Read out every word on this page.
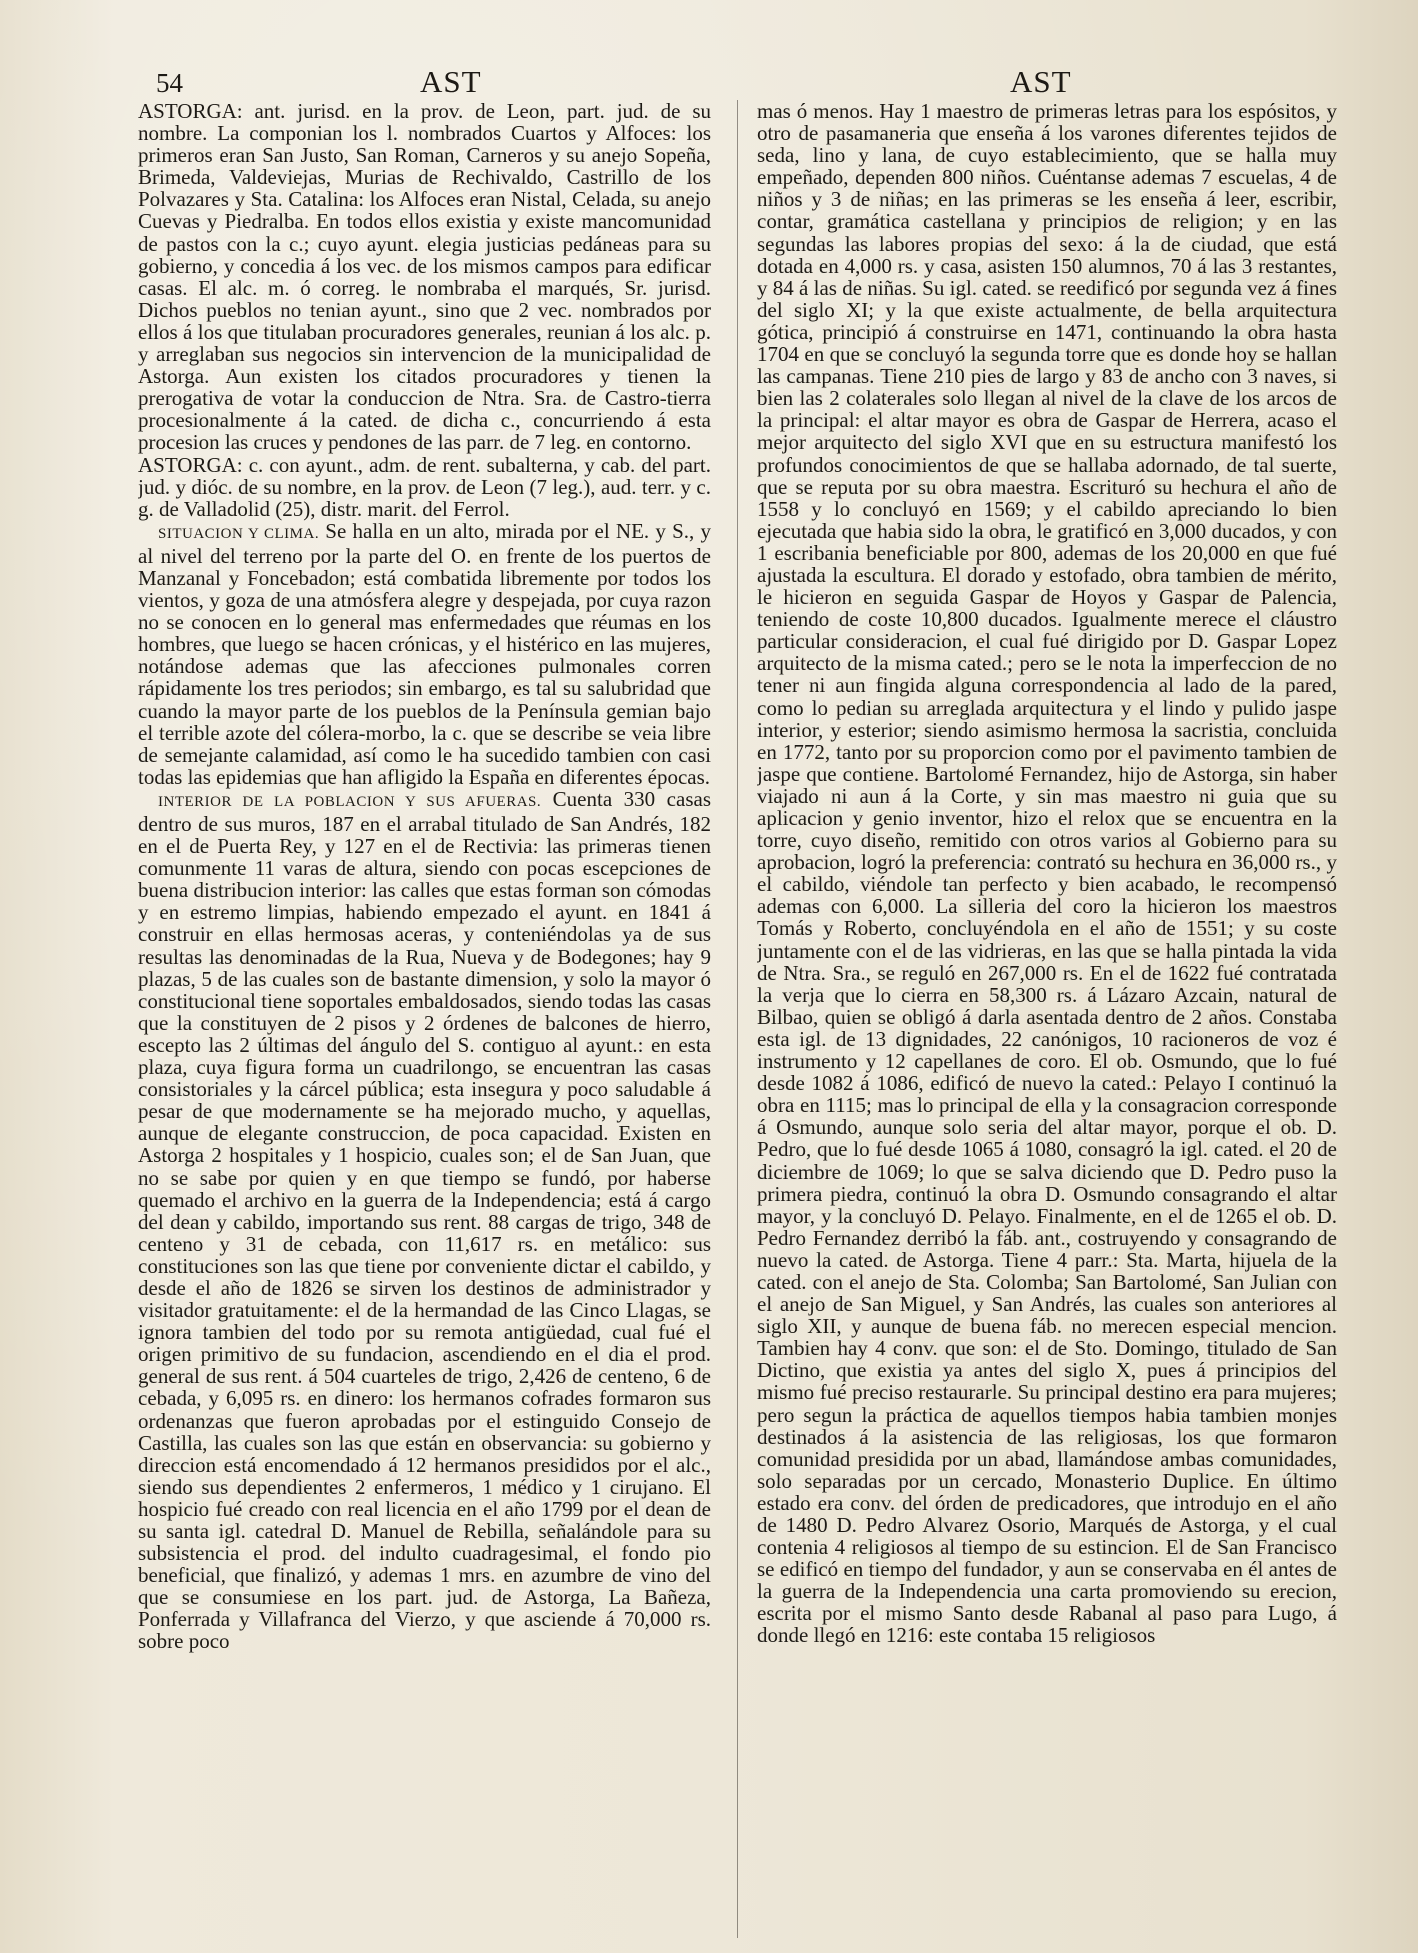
54	AST	AST

ASTORGA: ant. jurisd. en la prov. de Leon, part. jud. de su nombre. La componian los l. nombrados Cuartos y Alfoces: los primeros eran San Justo, San Roman, Carneros y su anejo Sopeña, Brimeda, Valdeviejas, Murias de Rechivaldo, Castrillo de los Polvazares y Sta. Catalina: los Alfoces eran Nistal, Celada, su anejo Cuevas y Piedralba. En todos ellos existia y existe mancomunidad de pastos con la c.; cuyo ayunt. elegia justicias pedáneas para su gobierno, y concedia á los vec. de los mismos campos para edificar casas. El alc. m. ó correg. le nombraba el marqués, Sr. jurisd. Dichos pueblos no tenian ayunt., sino que 2 vec. nombrados por ellos á los que titulaban procuradores generales, reunian á los alc. p. y arreglaban sus negocios sin intervencion de la municipalidad de Astorga. Aun existen los citados procuradores y tienen la prerogativa de votar la conduccion de Ntra. Sra. de Castro-tierra procesionalmente á la cated. de dicha c., concurriendo á esta procesion las cruces y pendones de las parr. de 7 leg. en contorno.

ASTORGA: c. con ayunt., adm. de rent. subalterna, y cab. del part. jud. y dióc. de su nombre, en la prov. de Leon (7 leg.), aud. terr. y c. g. de Valladolid (25), distr. marit. del Ferrol.

SITUACION Y CLIMA. Se halla en un alto, mirada por el NE. y S., y al nivel del terreno por la parte del O. en frente de los puertos de Manzanal y Foncebadon; está combatida libremente por todos los vientos, y goza de una atmósfera alegre y despejada, por cuya razon no se conocen en lo general mas enfermedades que réumas en los hombres, que luego se hacen crónicas, y el histérico en las mujeres, notándose ademas que las afecciones pulmonales corren rápidamente los tres periodos; sin embargo, es tal su salubridad que cuando la mayor parte de los pueblos de la Península gemian bajo el terrible azote del cólera-morbo, la c. que se describe se veia libre de semejante calamidad, así como le ha sucedido tambien con casi todas las epidemias que han afligido la España en diferentes épocas.

INTERIOR DE LA POBLACION Y SUS AFUERAS. Cuenta 330 casas dentro de sus muros, 187 en el arrabal titulado de San Andrés, 182 en el de Puerta Rey, y 127 en el de Rectivia: las primeras tienen comunmente 11 varas de altura, siendo con pocas escepciones de buena distribucion interior: las calles que estas forman son cómodas y en estremo limpias, habiendo empezado el ayunt. en 1841 á construir en ellas hermosas aceras, y conteniéndolas ya de sus resultas las denominadas de la Rua, Nueva y de Bodegones; hay 9 plazas, 5 de las cuales son de bastante dimension, y solo la mayor ó constitucional tiene soportales embaldosados, siendo todas las casas que la constituyen de 2 pisos y 2 órdenes de balcones de hierro, escepto las 2 últimas del ángulo del S. contiguo al ayunt.: en esta plaza, cuya figura forma un cuadrilongo, se encuentran las casas consistoriales y la cárcel pública; esta insegura y poco saludable á pesar de que modernamente se ha mejorado mucho, y aquellas, aunque de elegante construccion, de poca capacidad. Existen en Astorga 2 hospitales y 1 hospicio, cuales son; el de San Juan, que no se sabe por quien y en que tiempo se fundó, por haberse quemado el archivo en la guerra de la Independencia; está á cargo del dean y cabildo, importando sus rent. 88 cargas de trigo, 348 de centeno y 31 de cebada, con 11,617 rs. en metálico: sus constituciones son las que tiene por conveniente dictar el cabildo, y desde el año de 1826 se sirven los destinos de administrador y visitador gratuitamente: el de la hermandad de las Cinco Llagas, se ignora tambien del todo por su remota antigüedad, cual fué el origen primitivo de su fundacion, ascendiendo en el dia el prod. general de sus rent. á 504 cuarteles de trigo, 2,426 de centeno, 6 de cebada, y 6,095 rs. en dinero: los hermanos cofrades formaron sus ordenanzas que fueron aprobadas por el estinguido Consejo de Castilla, las cuales son las que están en observancia: su gobierno y direccion está encomendado á 12 hermanos presididos por el alc., siendo sus dependientes 2 enfermeros, 1 médico y 1 cirujano. El hospicio fué creado con real licencia en el año 1799 por el dean de su santa igl. catedral D. Manuel de Rebilla, señalándole para su subsistencia el prod. del indulto cuadragesimal, el fondo pio beneficial, que finalizó, y ademas 1 mrs. en azumbre de vino del que se consumiese en los part. jud. de Astorga, La Bañeza, Ponferrada y Villafranca del Vierzo, y que asciende á 70,000 rs. sobre poco

mas ó menos. Hay 1 maestro de primeras letras para los espósitos, y otro de pasamaneria que enseña á los varones diferentes tejidos de seda, lino y lana, de cuyo establecimiento, que se halla muy empeñado, dependen 800 niños. Cuéntanse ademas 7 escuelas, 4 de niños y 3 de niñas; en las primeras se les enseña á leer, escribir, contar, gramática castellana y principios de religion; y en las segundas las labores propias del sexo: á la de ciudad, que está dotada en 4,000 rs. y casa, asisten 150 alumnos, 70 á las 3 restantes, y 84 á las de niñas. Su igl. cated. se reedificó por segunda vez á fines del siglo XI; y la que existe actualmente, de bella arquitectura gótica, principió á construirse en 1471, continuando la obra hasta 1704 en que se concluyó la segunda torre que es donde hoy se hallan las campanas. Tiene 210 pies de largo y 83 de ancho con 3 naves, si bien las 2 colaterales solo llegan al nivel de la clave de los arcos de la principal: el altar mayor es obra de Gaspar de Herrera, acaso el mejor arquitecto del siglo XVI que en su estructura manifestó los profundos conocimientos de que se hallaba adornado, de tal suerte, que se reputa por su obra maestra. Escrituró su hechura el año de 1558 y lo concluyó en 1569; y el cabildo apreciando lo bien ejecutada que habia sido la obra, le gratificó en 3,000 ducados, y con 1 escribania beneficiable por 800, ademas de los 20,000 en que fué ajustada la escultura. El dorado y estofado, obra tambien de mérito, le hicieron en seguida Gaspar de Hoyos y Gaspar de Palencia, teniendo de coste 10,800 ducados. Igualmente merece el cláustro particular consideracion, el cual fué dirigido por D. Gaspar Lopez arquitecto de la misma cated.; pero se le nota la imperfeccion de no tener ni aun fingida alguna correspondencia al lado de la pared, como lo pedian su arreglada arquitectura y el lindo y pulido jaspe interior, y esterior; siendo asimismo hermosa la sacristia, concluida en 1772, tanto por su proporcion como por el pavimento tambien de jaspe que contiene. Bartolomé Fernandez, hijo de Astorga, sin haber viajado ni aun á la Corte, y sin mas maestro ni guia que su aplicacion y genio inventor, hizo el relox que se encuentra en la torre, cuyo diseño, remitido con otros varios al Gobierno para su aprobacion, logró la preferencia: contrató su hechura en 36,000 rs., y el cabildo, viéndole tan perfecto y bien acabado, le recompensó ademas con 6,000. La silleria del coro la hicieron los maestros Tomás y Roberto, concluyéndola en el año de 1551; y su coste juntamente con el de las vidrieras, en las que se halla pintada la vida de Ntra. Sra., se reguló en 267,000 rs. En el de 1622 fué contratada la verja que lo cierra en 58,300 rs. á Lázaro Azcain, natural de Bilbao, quien se obligó á darla asentada dentro de 2 años. Constaba esta igl. de 13 dignidades, 22 canónigos, 10 racioneros de voz é instrumento y 12 capellanes de coro. El ob. Osmundo, que lo fué desde 1082 á 1086, edificó de nuevo la cated.: Pelayo I continuó la obra en 1115; mas lo principal de ella y la consagracion corresponde á Osmundo, aunque solo seria del altar mayor, porque el ob. D. Pedro, que lo fué desde 1065 á 1080, consagró la igl. cated. el 20 de diciembre de 1069; lo que se salva diciendo que D. Pedro puso la primera piedra, continuó la obra D. Osmundo consagrando el altar mayor, y la concluyó D. Pelayo. Finalmente, en el de 1265 el ob. D. Pedro Fernandez derribó la fáb. ant., costruyendo y consagrando de nuevo la cated. de Astorga. Tiene 4 parr.: Sta. Marta, hijuela de la cated. con el anejo de Sta. Colomba; San Bartolomé, San Julian con el anejo de San Miguel, y San Andrés, las cuales son anteriores al siglo XII, y aunque de buena fáb. no merecen especial mencion. Tambien hay 4 conv. que son: el de Sto. Domingo, titulado de San Dictino, que existia ya antes del siglo X, pues á principios del mismo fué preciso restaurarle. Su principal destino era para mujeres; pero segun la práctica de aquellos tiempos habia tambien monjes destinados á la asistencia de las religiosas, los que formaron comunidad presidida por un abad, llamándose ambas comunidades, solo separadas por un cercado, Monasterio Duplice. En último estado era conv. del órden de predicadores, que introdujo en el año de 1480 D. Pedro Alvarez Osorio, Marqués de Astorga, y el cual contenia 4 religiosos al tiempo de su estincion. El de San Francisco se edificó en tiempo del fundador, y aun se conservaba en él antes de la guerra de la Independencia una carta promoviendo su erecion, escrita por el mismo Santo desde Rabanal al paso para Lugo, á donde llegó en 1216: este contaba 15 religiosos
